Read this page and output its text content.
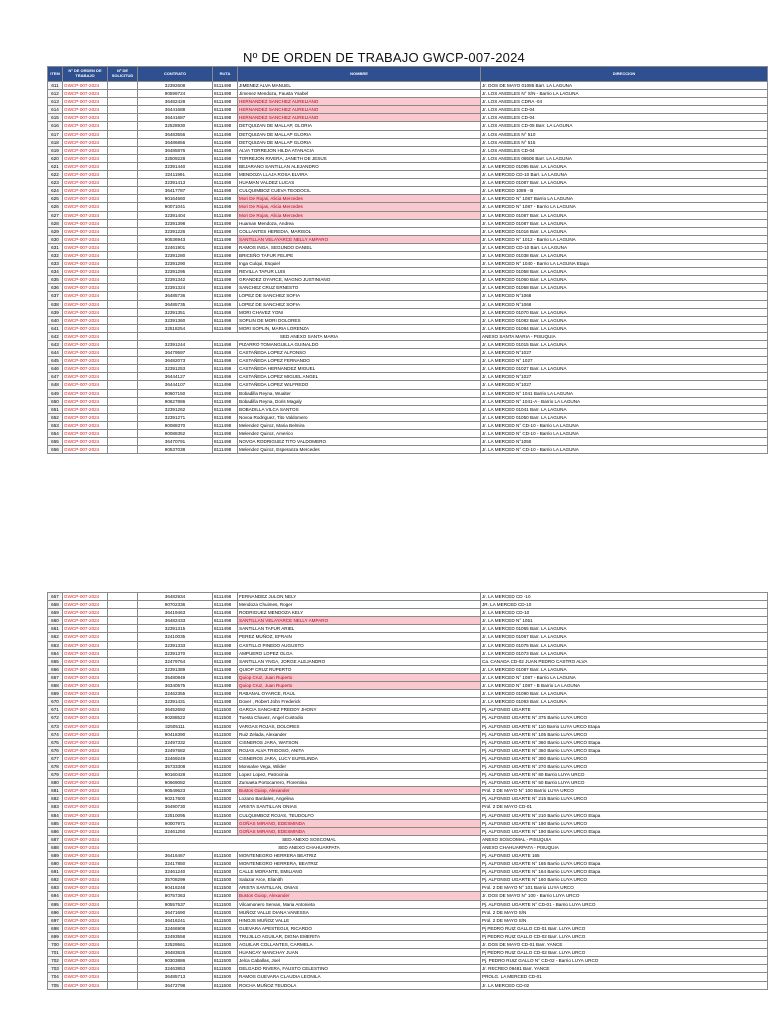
Nº DE ORDEN DE TRABAJO GWCP-007-2024
ITEM	Nº DE ORDEN DE TRABAJO	Nº DE SOLICITUD	CONTRATO	RUTA	NOMBRE	DIRECCION
611	GWCP-007-2024		32392608	8111498	JIMENEZ ALVA MANUEL	Jr. DOS DE MAYO 01085 Barr. LA LAGUNA
612	GWCP-007-2024		90599724	8111498	Jimenez Mendoza, Fausta Ysabel	Jr. LOS ANGELES N° S/N - Barrio LA LAGUNA
613	GWCP-007-2024		36482428	8111498	HERNANDEZ SANCHEZ AURELIANO	Jr. LOS ANGELES CDRA -04
614	GWCP-007-2024		36441688	8111498	HERNANDEZ SANCHEZ AURELIANO	Jr. LOS ANGELES CD-04
615	GWCP-007-2024		36441687	8111498	HERNANDEZ SANCHEZ AURELIANO	Jr. LOS ANGELES CD-04
616	GWCP-007-2024		32528930	8111498	DETQUIZAN DE MALLAP, GLORIA	Jr. LOS ANGELES CD-05 Barr. LA LAGUNA
617	GWCP-007-2024		36483556	8111498	DETQUIZAN DE MALLAP GLORIA	Jr. LOS ANGELES N° 510
618	GWCP-007-2024		36486856	8111498	DETQUIZAN DE MALLAP GLORIA	Jr. LOS ANGELES N° 515
619	GWCP-007-2024		36485876	8111498	ALVA TORREJON HILDA ATANACIA	Jr. LOS ANGELES CD-04
620	GWCP-007-2024		32509228	8111498	TORREJON RIVERA, JANETH DE JESUS	Jr. LOS ANGELES 06506 Barr. LA LAGUNA
621	GWCP-007-2024		32391440	8111498	BEJARANO SANTILLAN ALEJANDRO	Jr. LA MERCED 01095 Barr. LA LAGUNA
622	GWCP-007-2024		32411991	8111498	MENDOZA LLAJA ROSA ELVIRA	Jr. LA MERCED CD-10 Barr. LA LAGUNA
623	GWCP-007-2024		32391413	8111498	HUAMAN VALDEZ LUCAS	Jr. LA MERCED 01087 Barr. LA LAGUNA
624	GWCP-007-2024		36417787	8111498	CULQUIMBOZ CUEVA TEODOCIL	Jr. LA MERCED 1089 - B
625	GWCP-007-2024		90164660	8111498	Mori De Rojas, Alicia Mercedes	Jr. LA MERCED N° 1087 Barrio LA LAGUNA
626	GWCP-007-2024		90071041	8111498	Mori De Rojas, Alicia Mercedes	Jr. LA MERCED N° 1087 - Barrio LA LAGUNA
627	GWCP-007-2024		32391404	8111498	Mori De Rojas, Alicia Mercedes	Jr. LA MERCED 01087 Barr. LA LAGUNA
628	GWCP-007-2024		32391398	8111498	Huaman Mendoza, Andrea	Jr. LA MERCED 01087 Barr. LA LAGUNA
629	GWCP-007-2024		32391226	8111498	COLLANTES HEREDIA, MARISOL	Jr. LA MERCED 01016 Barr. LA LAGUNA
630	GWCP-007-2024		90536943	8111498	SANTILLAN VELAYARCE NELLY AMPARO	Jr. LA MERCED N° 1012 - Barrio LA LAGUNA
631	GWCP-007-2024		32461901	8111498	RAMOS INGA, SEGUNDO DANIEL	Jr. LA MERCED CD-10 Barr. LA LAGUNA
632	GWCP-007-2024		32391280	8111498	BRICEÑO TAFUR FELIPE	Jr. LA MERCED 01038 Barr. LA LAGUNA
633	GWCP-007-2024		32391290	8111498	Inga Culqui, Esquiel	Jr. LA MERCED N° 1040 - Barrio LA LAGUNA Etapa
634	GWCP-007-2024		32391295	8111498	REVILLA TAFUR LUIS	Jr. LA MERCED 01058 Barr. LA LAGUNA
635	GWCP-007-2024		32391342	8111498	GRANDEZ OYARCE, MAGNO JUSTINIANO	Jr. LA MERCED 01060 Barr. LA LAGUNA
636	GWCP-007-2024		32391324	8111498	SANCHEZ CRUZ ERNESTO	Jr. LA MERCED 01068 Barr. LA LAGUNA
637	GWCP-007-2024		36485736	8111498	LOPEZ DE SANCHEZ SOFIA	Jr. LA MERCED N°1068
638	GWCP-007-2024		36485735	8111498	LOPEZ DE SANCHEZ SOFIA	Jr. LA MERCED N°1068
639	GWCP-007-2024		32391351	8111498	MORI CHAVEZ YONI	Jr. LA MERCED 01070 Barr. LA LAGUNA
640	GWCP-007-2024		32391360	8111498	SOPLIN DE MORI DOLORES	Jr. LA MERCED 01082 Barr. LA LAGUNA
641	GWCP-007-2024		32518254	8111498	MORI SOPLIN, MARIA LORENZA	Jr. LA MERCED 01084 Barr. LA LAGUNA
642	GWCP-007-2024		SED ANEXO SANTA MARIA			ANEXO SANTA MARIA - PISUQUIA
643	GWCP-007-2024		32391244	8111498	PIZARRO TOMANGUILLA GUINALDO	Jr. LA MERCED 01015 Barr. LA LAGUNA
644	GWCP-007-2024		36479597	8111498	CASTAÑEDA LOPEZ ALFONSO	Jr. LA MERCED N°1027
645	GWCP-007-2024		36482073	8111498	CASTAÑEDA LOPEZ FERNANDO	Jr. LA MERCED N° 1027
646	GWCP-007-2024		32391253	8111498	CASTAÑEDA HERNANDEZ MIGUEL	Jr. LA MERCED 01027 Barr. LA LAGUNA
647	GWCP-007-2024		36444127	8111498	CASTAÑEDA LOPEZ MIGUEL ANGEL	Jr. LA MERCED N°1027
648	GWCP-007-2024		36444107	8111498	CASTAÑEDA LOPEZ WILFREDO	Jr. LA MERCED N°1027
649	GWCP-007-2024		90607150	8111498	Bobadilla Reyna, Wualter	Jr. LA MERCED N° 1041 Barrio LA LAGUNA
650	GWCP-007-2024		90627886	8111498	Bobadilla Reyna, Doris Magaly	Jr. LA MERCED N° 1041-A - Barrio LA LAGUNA
651	GWCP-007-2024		32391262	8111498	BOBADILLA VILCA SANTOS	Jr. LA MERCED 01041 Barr. LA LAGUNA
652	GWCP-007-2024		32391271	8111498	Novoa Rodriguez, Tito Valdomero	Jr. LA MERCED 01050 Barr. LA LAGUNA
653	GWCP-007-2024		90088370	8111498	Melendez Quiroz, Maria Belmira	Jr. LA MERCED N° CD-10 - Barrio LA LAGUNA
654	GWCP-007-2024		90088352	8111498	Melendez Quiroz, Americo	Jr. LA MERCED N° CD-10 - Barrio LA LAGUNA
655	GWCP-007-2024		36470791	8111498	NOVOA RODRIGUEZ TITO VALDOMERO	Jr. LA MERCED N°1050
656	GWCP-007-2024		90537038	8111498	Melendez Quiroz, Esperanza Mercedes	Jr. LA MERCED N° CD-10 - Barrio LA LAGUNA
657	GWCP-007-2024		36482934	8111498	FERNANDEZ JULON NELY	Jr. LA MERCED CD -10
658	GWCP-007-2024		90702336	8111498	Mendoza Chuimes, Roger	JR. LA MERCED CD-10
659	GWCP-007-2024		36419463	8111498	RODRIGUEZ MENDOZA KELY	Jr. LA MERCED CD-10
660	GWCP-007-2024		36482433	8111498	SANTILLAN VELAYARCE NELLY AMPARO	Jr. LA MERCED N° 1051
661	GWCP-007-2024		32391315	8111498	SANTILLAN TAFUR ARIEL	Jr. LA MERCED 01065 Barr. LA LAGUNA
662	GWCP-007-2024		32410035	8111498	PEREZ MUÑOZ, EFRAIN	Jr. LA MERCED 01067 Barr. LA LAGUNA
663	GWCP-007-2024		32391333	8111498	CASTILLO PINEDO AUGUSTO	Jr. LA MERCED 01075 Barr. LA LAGUNA
664	GWCP-007-2024		32391370	8111498	AMPUERO LOPEZ OLGA	Jr. LA MERCED 01073 Barr. LA LAGUNA
665	GWCP-007-2024		32479764	8111498	SANTILLAN YNGA, JORGE ALEJANDRO	Ca. CANADA CD-02 JUAN PEDRO CASTRO ALVA
666	GWCP-007-2024		32391389	8111498	QUIOP CRUZ RUPERTO	Jr. LA MERCED 01087 Barr. LA LAGUNA
667	GWCP-007-2024		35480849	8111498	Quiop Cruz, Juan Ruperto	Jr. LA MERCED N° 1087 - Barrio LA LAGUNA
668	GWCP-007-2024		36340575	8111498	Quiop Cruz, Juan Ruperto	Jr. LA MERCED N° 1087 - B Barrio LA LAGUNA
669	GWCP-007-2024		32462355	8111498	RABANAL OYARCE, RAUL	Jr. LA MERCED 01090 Barr. LA LAGUNA
670	GWCP-007-2024		32391431	8111498	Dover , Robert John Frederick	Jr. LA MERCED 01093 Barr. LA LAGUNA
671	GWCP-007-2024		36452692	8111500	GARCIA SANCHEZ FREDDY JHONY	Pj. ALFONSO UGARTE
672	GWCP-007-2024		90288522	8111500	Tuesta Chavez, Angel Custodio	Pj. ALFONSO UGARTE N° 375 Barrio LUYA URCO
673	GWCP-007-2024		32505111	8111500	VARGAS ROJAS, DOLORES	Pj. ALFONSO UGARTE N° 110 Barrio LUYA URCO Etapa
674	GWCP-007-2024		90418390	8111500	Ruiz Zelada, Alexander	Pj. ALFONSO UGARTE N° 105 Barrio LUYA URCO
675	GWCP-007-2024		32497332	8111500	CISNEROS JARA, WATSON	Pj. ALFONSO UGARTE N° 360 Barrio LUYA URCO Etapa
676	GWCP-007-2024		32497682	8111500	ROJAS ALVA TRIGOSO, ANITA	Pj. ALFONSO UGARTE N° 350 Barrio LUYA URCO Etapa
677	GWCP-007-2024		32469249	8111500	CISNEROS JARA, LUCY EUFELINDA	Pj. ALFONSO UGARTE N° 300 Barrio LUYA URCO
678	GWCP-007-2024		35733308	8111500	Monsalve Vega, Wilder	Pj. ALFONSO UGARTE N° 270 Barrio LUYA URCO
679	GWCP-007-2024		90160428	8111500	Lopez Lopez, Patrocinia	Pj. ALFONSO UGARTE N° 80 Barrio LUYA URCO
680	GWCP-007-2024		90669082	8111500	Zumaeta Portocarrero, Florentina	Pj. ALFONSO UGARTE N° 50 Barrio LUYA URCO
681	GWCP-007-2024		90549623	8111500	Bustos Guiop, Alexander	Prol. 2 DE MAYO N° 100 Barrio LUYA URCO
682	GWCP-007-2024		90217600	8111500	Lozano Bardales, Angelina	Pj. ALFONSO UGARTE N° 215 Barrio LUYA URCO
683	GWCP-007-2024		36490730	8111500	ARISTA SANTILLAN ONIAS	Prol. 2 DE MAYO CD-01
684	GWCP-007-2024		32510095	8111500	CULQUIMBOZ ROJAS, TEUDOLFO	Pj. ALFONSO UGARTE N° 210 Barrio LUYA URCO Etapa
685	GWCP-007-2024		90007971	8111500	GOÑAS MIRANO, EDESMINDA	Pj. ALFONSO UGARTE N° 190 Barrio LUYA URCO
686	GWCP-007-2024		32461250	8111500	GOÑAS MIRANO, EDESMINDA	Pj. ALFONSO UGARTE N° 190 Barrio LUYA URCO Etapa
687	GWCP-007-2024		SED ANEXO SOSCOMAL			ANEXO SOSCOMAL - PISUQUIA
688	GWCP-007-2024		SED ANEXO CHAHUARPATA			ANEXO CHAHUARPATA - PISUQUIA
689	GWCP-007-2024		36416467	8111500	MONTENEGRO HERRERA BEATRIZ	Pj. ALFONSO UGARTE 165
690	GWCP-007-2024		32417850	8111500	MONTENEGRO HERRERA, BEATRIZ	Pj. ALFONSO UGARTE N° 165 Barrio LUYA URCO Etapa
691	GWCP-007-2024		32461240	8111500	CALLE MORANTE, EMILIANO	Pj. ALFONSO UGARTE N° 164 Barrio LUYA URCO Etapa
692	GWCP-007-2024		35708299	8111500	Salazar Arce, Elianith	Pj. ALFONSO UGARTE N° 160 Barrio LUYA URCO
693	GWCP-007-2024		90416248	8111500	ARISTA SANTILLAN, ONIAS	Prol. 2 DE MAYO N° 101 Barrio LUYA URCO
694	GWCP-007-2024		90757363	8111500	Bustos Guiop, Alexander	Jr. DOS DE MAYO N° 100 - Barrio LUYA URCO
695	GWCP-007-2024		90557537	8111500	Vilcamonero Servan, Maria Antonieta	Pj. ALFONSO UGARTE N° CD-01 - Barrio LUYA URCO
696	GWCP-007-2024		36471690	8111500	MUÑOZ VALLE DIANA VANESSA	Prol. 2 DE MAYO S/N
697	GWCP-007-2024		36416241	8111500	HINOJS MUÑOZ VALLE	Prol. 2 DE MAYO S/N
698	GWCP-007-2024		32466908	8111500	GUEVARA APESTEGUI, RICARDO	Pj PEDRO RUIZ GALLO CD-01 Barr. LUYA URCO
699	GWCP-007-2024		32493558	8111500	TRUJILLO AGUILAR, DIGNA EMERITA	Pj PEDRO RUIZ GALLO CD-02 Barr. LUYA URCO
700	GWCP-007-2024		32529561	8111500	AGUILAR COLLANTES, CARMELA	Jr. DOS DE MAYO CD-01 Barr. YANCE
701	GWCP-007-2024		36483826	8111500	HUANCAY MANCHAY JUAN	Pj PEDRO RUIZ GALLO CD-02 Barr. LUYA URCO
702	GWCP-007-2024		90303886	8111500	Jelca Caballas, Joel	Pj. PEDRO RUIZ GALLO N° CD-02 - Barrio LUYA URCO
703	GWCP-007-2024		32463853	8111500	DELGADO RIVERA, FAUSTO CELESTINO	Jr. RECREO 09481 Barr. YANCE
704	GWCP-007-2024		36485713	8111500	RAMOS GUEVARA CLAUDIA LEONILA	PROLG. LA MERCED CD-01
705	GWCP-007-2024		36472798	8111500	ROCHA MUÑOZ TEUDOLA	Jr. LA MERCED CD-02
